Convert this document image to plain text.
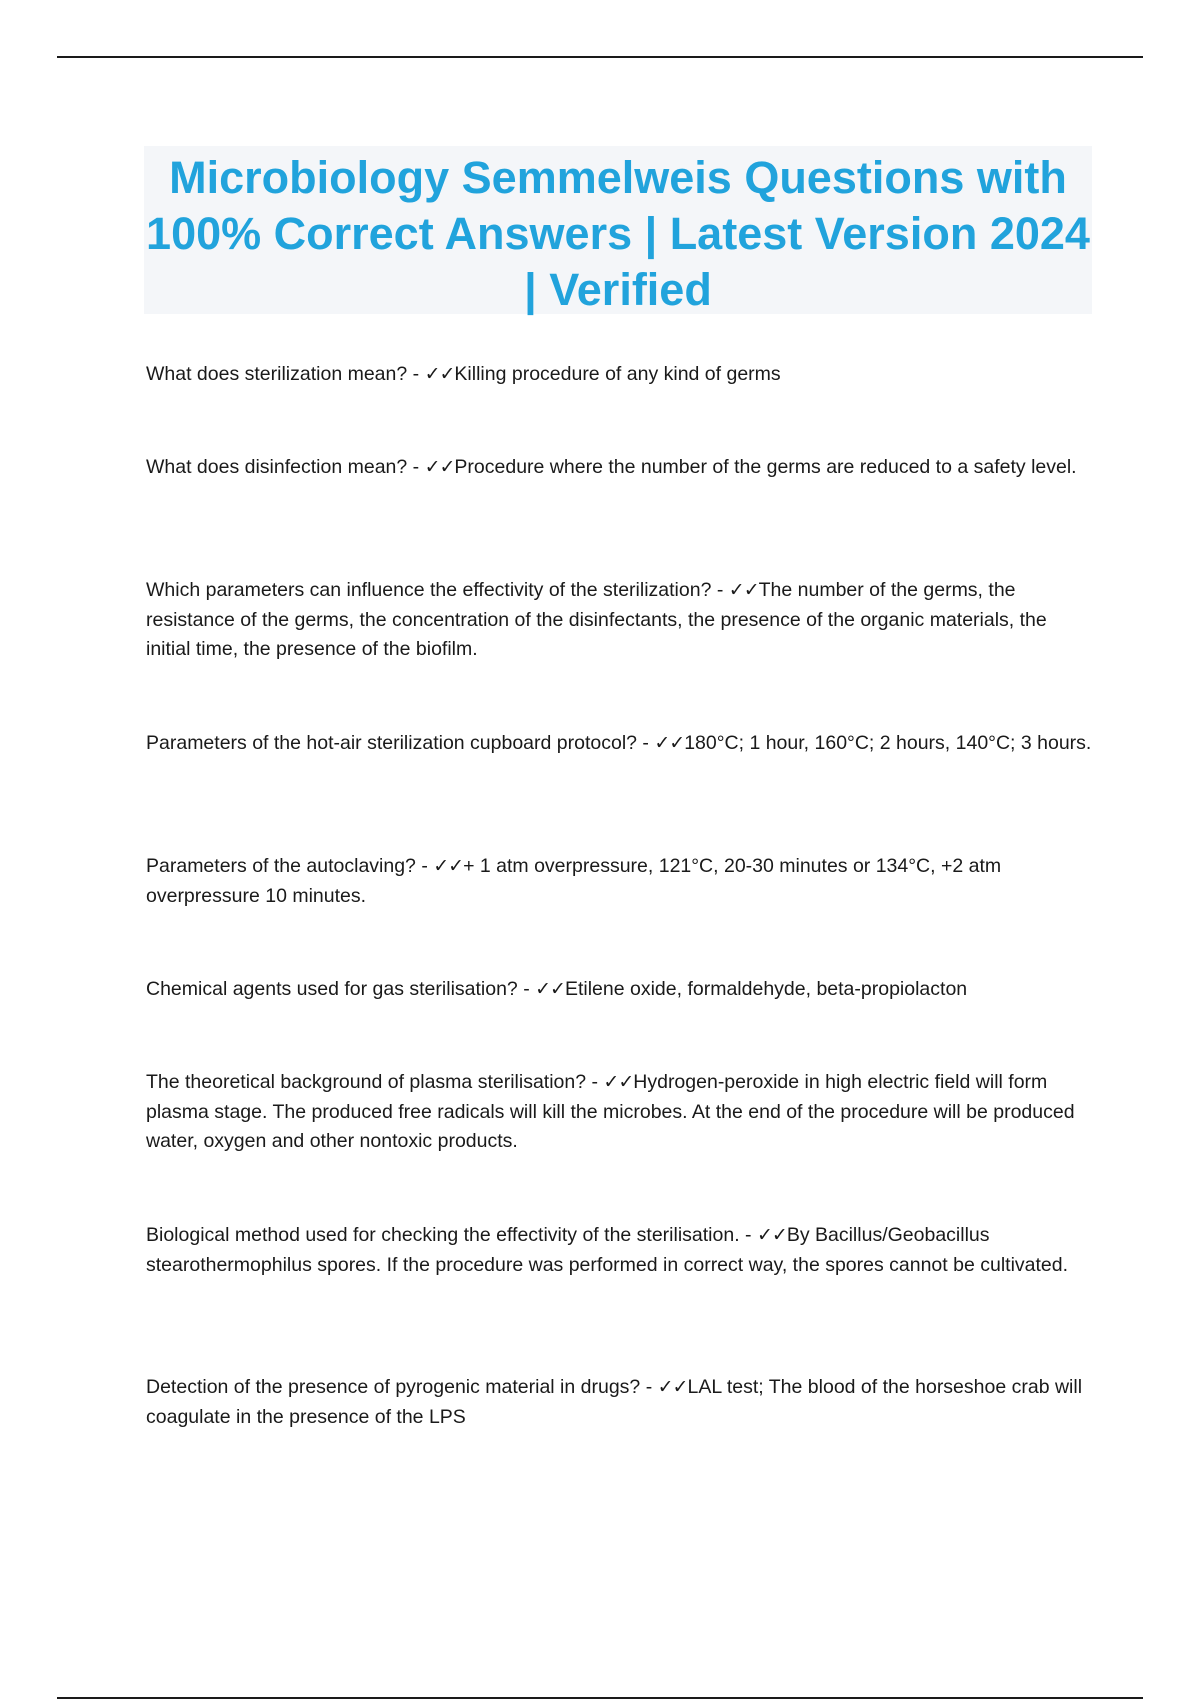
Microbiology Semmelweis Questions with 100% Correct Answers | Latest Version 2024 | Verified
What does sterilization mean? - ✓✓Killing procedure of any kind of germs
What does disinfection mean? - ✓✓Procedure where the number of the germs are reduced to a safety level.
Which parameters can influence the effectivity of the sterilization? - ✓✓The number of the germs, the resistance of the germs, the concentration of the disinfectants, the presence of the organic materials, the initial time, the presence of the biofilm.
Parameters of the hot-air sterilization cupboard protocol? - ✓✓180°C; 1 hour, 160°C; 2 hours, 140°C; 3 hours.
Parameters of the autoclaving? - ✓✓+ 1 atm overpressure, 121°C, 20-30 minutes or 134°C, +2 atm overpressure 10 minutes.
Chemical agents used for gas sterilisation? - ✓✓Etilene oxide, formaldehyde, beta-propiolacton
The theoretical background of plasma sterilisation? - ✓✓Hydrogen-peroxide in high electric field will form plasma stage. The produced free radicals will kill the microbes. At the end of the procedure will be produced water, oxygen and other nontoxic products.
Biological method used for checking the effectivity of the sterilisation. - ✓✓By Bacillus/Geobacillus stearothermophilus spores. If the procedure was performed in correct way, the spores cannot be cultivated.
Detection of the presence of pyrogenic material in drugs? - ✓✓LAL test; The blood of the horseshoe crab will coagulate in the presence of the LPS
